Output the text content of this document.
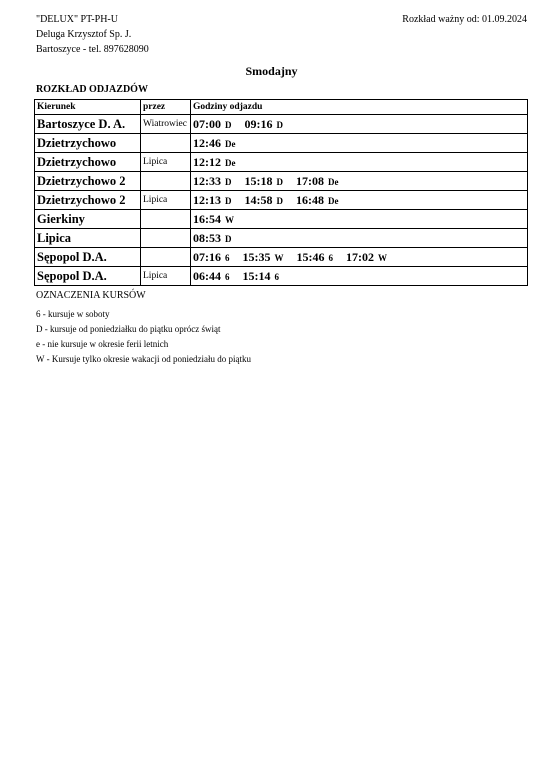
"DELUX" PT-PH-U
Deluga Krzysztof Sp. J.
Bartoszyce - tel. 897628090
Rozkład ważny od: 01.09.2024
Smodajny
ROZKŁAD ODJAZDÓW
Kierunek	przez	Godziny odjazdu
Bartoszyce D. A.	Wiatrowiec	07:00 D 09:16 D
Dzietrzychowo		12:46 De
Dzietrzychowo	Lipica	12:12 De
Dzietrzychowo 2		12:33 D 15:18 D 17:08 De
Dzietrzychowo 2	Lipica	12:13 D 14:58 D 16:48 De
Gierkiny		16:54 W
Lipica		08:53 D
Sępopol D.A.		07:16 6 15:35 W 15:46 6 17:02 W
Sępopol D.A.	Lipica	06:44 6 15:14 6
OZNACZENIA KURSÓW
6 - kursuje w soboty
D - kursuje od poniedziałku do piątku oprócz świąt
e - nie kursuje w okresie ferii letnich
W - Kursuje tylko okresie wakacji od poniedziału do piątku
